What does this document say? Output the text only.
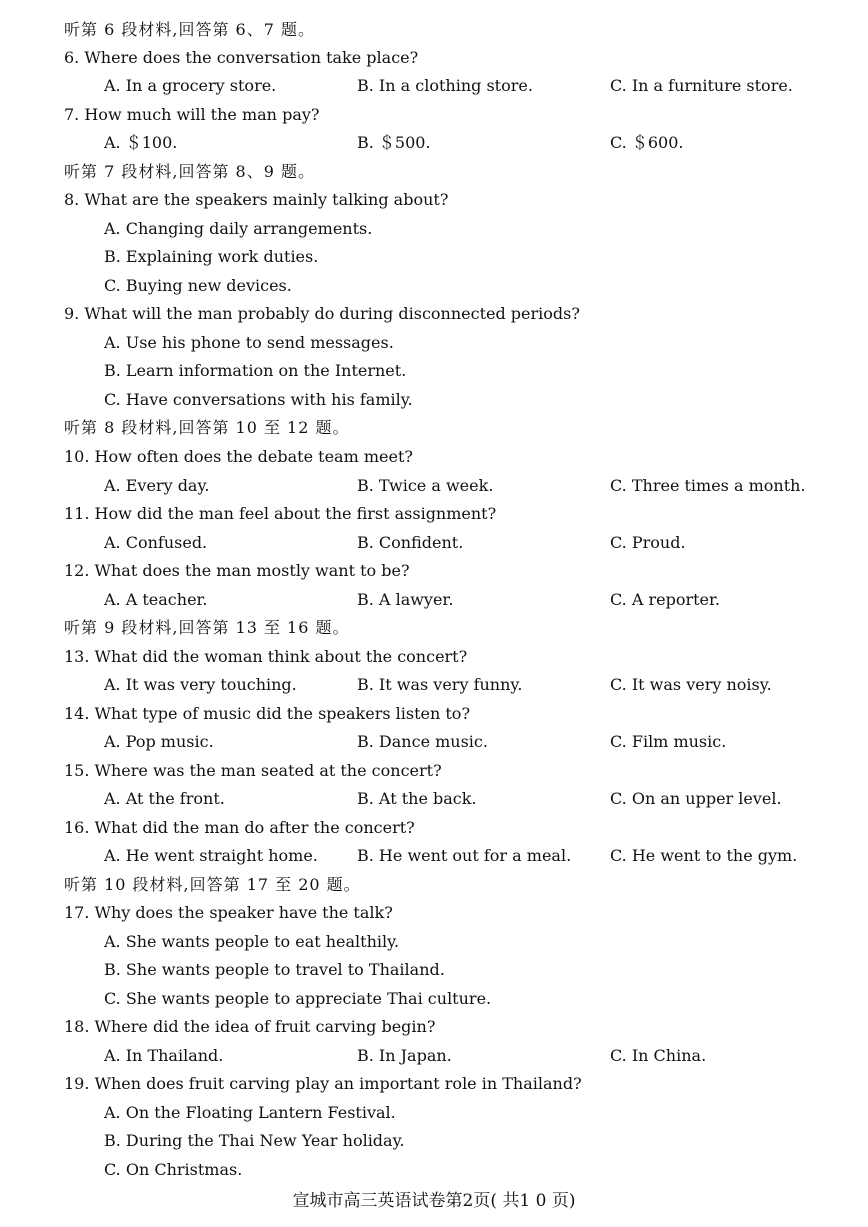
听第 6 段材料,回答第 6、7 题。
6. Where does the conversation take place?
A. In a grocery store.	B. In a clothing store.	C. In a furniture store.
7. How much will the man pay?
A. ＄100.	B. ＄500.	C. ＄600.
听第 7 段材料,回答第 8、9 题。
8. What are the speakers mainly talking about?
A. Changing daily arrangements.
B. Explaining work duties.
C. Buying new devices.
9. What will the man probably do during disconnected periods?
A. Use his phone to send messages.
B. Learn information on the Internet.
C. Have conversations with his family.
听第 8 段材料,回答第 10 至 12 题。
10. How often does the debate team meet?
A. Every day.	B. Twice a week.	C. Three times a month.
11. How did the man feel about the first assignment?
A. Confused.	B. Confident.	C. Proud.
12. What does the man mostly want to be?
A. A teacher.	B. A lawyer.	C. A reporter.
听第 9 段材料,回答第 13 至 16 题。
13. What did the woman think about the concert?
A. It was very touching.	B. It was very funny.	C. It was very noisy.
14. What type of music did the speakers listen to?
A. Pop music.	B. Dance music.	C. Film music.
15. Where was the man seated at the concert?
A. At the front.	B. At the back.	C. On an upper level.
16. What did the man do after the concert?
A. He went straight home. B. He went out for a meal. C. He went to the gym.
听第 10 段材料,回答第 17 至 20 题。
17. Why does the speaker have the talk?
A. She wants people to eat healthily.
B. She wants people to travel to Thailand.
C. She wants people to appreciate Thai culture.
18. Where did the idea of fruit carving begin?
A. In Thailand.	B. In Japan.	C. In China.
19. When does fruit carving play an important role in Thailand?
A. On the Floating Lantern Festival.
B. During the Thai New Year holiday.
C. On Christmas.
宣城市高三英语试卷第2页( 共1 0 页)
